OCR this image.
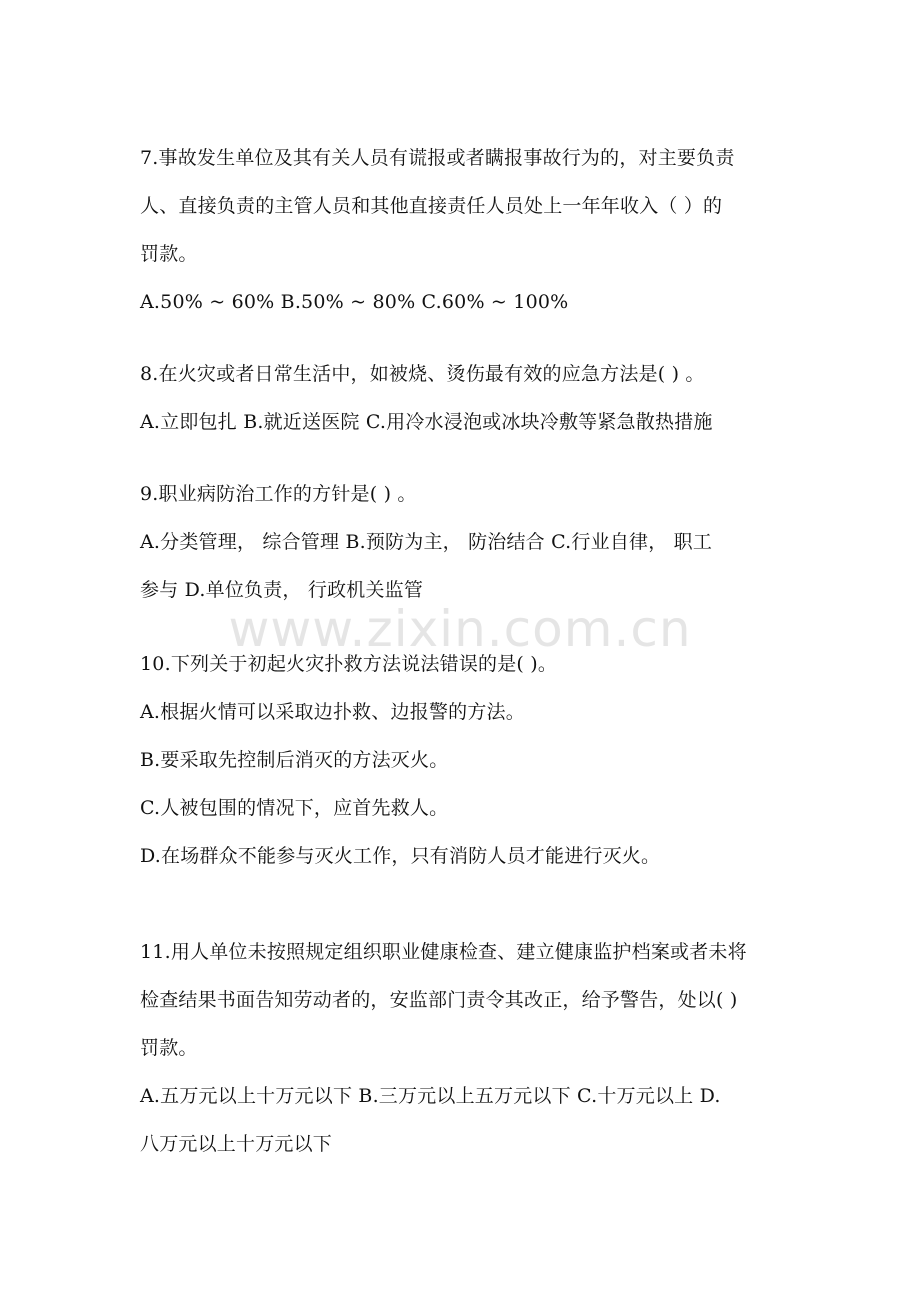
www.zixin.com.cn
7.事故发生单位及其有关人员有谎报或者瞒报事故行为的，对主要负责
人、直接负责的主管人员和其他直接责任人员处上一年年收入（ ）的
罚款。
A.50% ~ 60% B.50% ~ 80% C.60% ~ 100%
8.在火灾或者日常生活中，如被烧、烫伤最有效的应急方法是( ) 。
A.立即包扎 B.就近送医院 C.用冷水浸泡或冰块冷敷等紧急散热措施
9.职业病防治工作的方针是( ) 。
A.分类管理， 综合管理 B.预防为主， 防治结合 C.行业自律， 职工
参与 D.单位负责， 行政机关监管
10.下列关于初起火灾扑救方法说法错误的是( )。
A.根据火情可以采取边扑救、边报警的方法。
B.要采取先控制后消灭的方法灭火。
C.人被包围的情况下，应首先救人。
D.在场群众不能参与灭火工作，只有消防人员才能进行灭火。
11.用人单位未按照规定组织职业健康检查、建立健康监护档案或者未将
检查结果书面告知劳动者的，安监部门责令其改正，给予警告，处以( )
罚款。
A.五万元以上十万元以下 B.三万元以上五万元以下 C.十万元以上 D.
八万元以上十万元以下
